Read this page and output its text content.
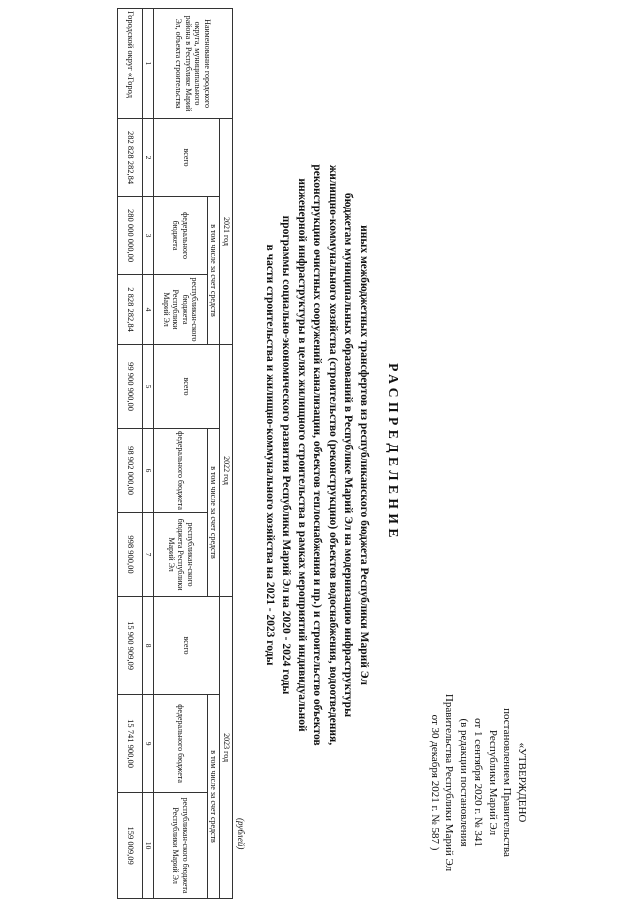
«УТВЕРЖДЕНО
постановлением Правительства
Республики Марий Эл
от 1 сентября 2020 г. № 341
(в редакции постановления
Правительства Республики Марий Эл
от 30 декабря 2021 г. № 587 )
РАСПРЕДЕЛЕНИЕ
иных межбюджетных трансфертов из республиканского бюджета Республики Марий Эл
бюджетам муниципальных образований в Республике Марий Эл на модернизацию инфраструктуры
жилищно-коммунального хозяйства (строительство (реконструкцию) объектов водоснабжения, водоотведения,
реконструкцию очистных сооружений канализации, объектов теплоснабжения и пр.) и строительство объектов
инженерной инфраструктуры в целях жилищного строительства в рамках мероприятий индивидуальной
программы социально-экономического развития Республики Марий Эл на 2020 - 2024 годы
в части строительства и жилищно-коммунального хозяйства на 2021 - 2023 годы
(рублей)
Наименование городского округа, муниципального района в Республике Марий Эл, объекта строительства	2021 год			2022 год			2023 год		
	всего	в том числе за счет средств		всего	в том числе за счет средств		всего	в том числе за счет средств	
		федерального бюджета	республикан-ского бюджета Республики Марий Эл		федерального бюджета	республикан-ского бюджета Республики Марий Эл		федерального бюджета	республикан-ского бюджета Республики Марий Эл
1	2	3	4	5	6	7	8	9	10
Городской округ «Город	282 828 282,84	280 000 000,00	2 828 282,84	99 900 900,00	98 902 000,00	998 900,00	15 900 909,09	15 741 900,00	159 009,09
